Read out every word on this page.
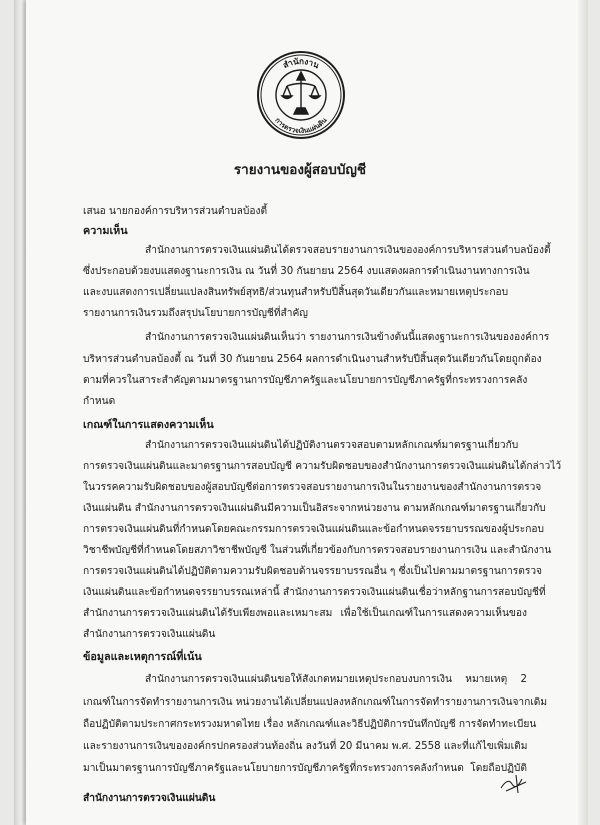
สำนักงาน
การตรวจเงินแผ่นดิน
รายงานของผู้สอบบัญชี
เสนอ นายกองค์การบริหารส่วนตำบลบ้องตี้
ความเห็น
สำนักงานการตรวจเงินแผ่นดินได้ตรวจสอบรายงานการเงินขององค์การบริหารส่วนตำบลบ้องตี้
ซึ่งประกอบด้วยงบแสดงฐานะการเงิน ณ วันที่ 30 กันยายน 2564 งบแสดงผลการดำเนินงานทางการเงิน
และงบแสดงการเปลี่ยนแปลงสินทรัพย์สุทธิ/ส่วนทุนสำหรับปีสิ้นสุดวันเดียวกันและหมายเหตุประกอบ
รายงานการเงินรวมถึงสรุปนโยบายการบัญชีที่สำคัญ
สำนักงานการตรวจเงินแผ่นดินเห็นว่า รายงานการเงินข้างต้นนี้แสดงฐานะการเงินขององค์การ
บริหารส่วนตำบลบ้องตี้ ณ วันที่ 30 กันยายน 2564 ผลการดำเนินงานสำหรับปีสิ้นสุดวันเดียวกันโดยถูกต้อง
ตามที่ควรในสาระสำคัญตามมาตรฐานการบัญชีภาครัฐและนโยบายการบัญชีภาครัฐที่กระทรวงการคลัง
กำหนด
เกณฑ์ในการแสดงความเห็น
สำนักงานการตรวจเงินแผ่นดินได้ปฏิบัติงานตรวจสอบตามหลักเกณฑ์มาตรฐานเกี่ยวกับ
การตรวจเงินแผ่นดินและมาตรฐานการสอบบัญชี ความรับผิดชอบของสำนักงานการตรวจเงินแผ่นดินได้กล่าวไว้
ในวรรคความรับผิดชอบของผู้สอบบัญชีต่อการตรวจสอบรายงานการเงินในรายงานของสำนักงานการตรวจ
เงินแผ่นดิน สำนักงานการตรวจเงินแผ่นดินมีความเป็นอิสระจากหน่วยงาน ตามหลักเกณฑ์มาตรฐานเกี่ยวกับ
การตรวจเงินแผ่นดินที่กำหนดโดยคณะกรรมการตรวจเงินแผ่นดินและข้อกำหนดจรรยาบรรณของผู้ประกอบ
วิชาชีพบัญชีที่กำหนดโดยสภาวิชาชีพบัญชี ในส่วนที่เกี่ยวข้องกับการตรวจสอบรายงานการเงิน และสำนักงาน
การตรวจเงินแผ่นดินได้ปฏิบัติตามความรับผิดชอบด้านจรรยาบรรณอื่น ๆ ซึ่งเป็นไปตามมาตรฐานการตรวจ
เงินแผ่นดินและข้อกำหนดจรรยาบรรณเหล่านี้ สำนักงานการตรวจเงินแผ่นดินเชื่อว่าหลักฐานการสอบบัญชีที่
สำนักงานการตรวจเงินแผ่นดินได้รับเพียงพอและเหมาะสม เพื่อใช้เป็นเกณฑ์ในการแสดงความเห็นของ
สำนักงานการตรวจเงินแผ่นดิน
ข้อมูลและเหตุการณ์ที่เน้น
สำนักงานการตรวจเงินแผ่นดินขอให้สังเกตหมายเหตุประกอบงบการเงิน หมายเหตุ 2
เกณฑ์ในการจัดทำรายงานการเงิน หน่วยงานได้เปลี่ยนแปลงหลักเกณฑ์ในการจัดทำรายงานการเงินจากเดิม
ถือปฏิบัติตามประกาศกระทรวงมหาดไทย เรื่อง หลักเกณฑ์และวิธีปฏิบัติการบันทึกบัญชี การจัดทำทะเบียน
และรายงานการเงินขององค์กรปกครองส่วนท้องถิ่น ลงวันที่ 20 มีนาคม พ.ศ. 2558 และที่แก้ไขเพิ่มเติม
มาเป็นมาตรฐานการบัญชีภาครัฐและนโยบายการบัญชีภาครัฐที่กระทรวงการคลังกำหนด โดยถือปฏิบัติ
สำนักงานการตรวจเงินแผ่นดิน
